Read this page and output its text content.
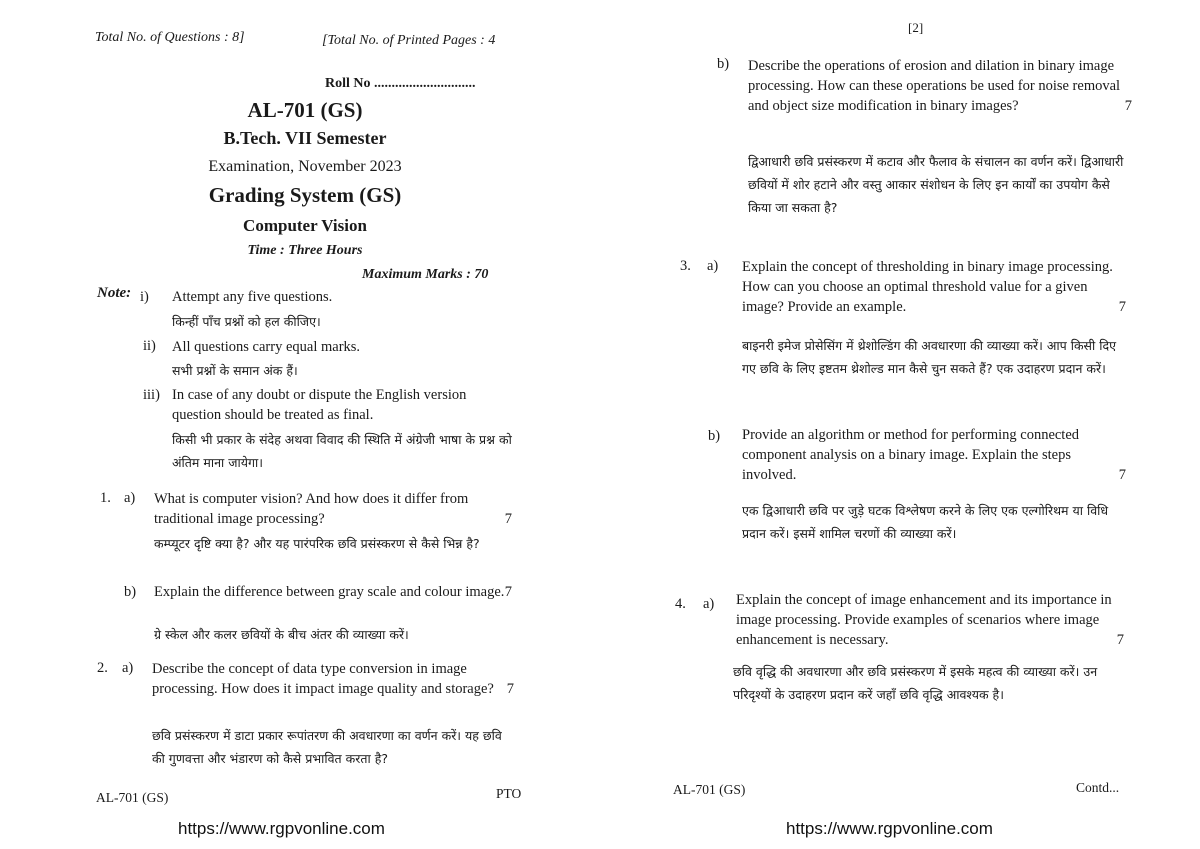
Total No. of Questions : 8]	[Total No. of Printed Pages : 4
Roll No .............................
AL-701 (GS)
B.Tech. VII Semester
Examination, November 2023
Grading System (GS)
Computer Vision
Time : Three Hours
Maximum Marks : 70
Note: i)	Attempt any five questions.
किन्हीं पाँच प्रश्नों को हल कीजिए।
ii)	All questions carry equal marks.
सभी प्रश्नों के समान अंक हैं।
iii) In case of any doubt or dispute the English version question should be treated as final.
किसी भी प्रकार के संदेह अथवा विवाद की स्थिति में अंग्रेजी भाषा के प्रश्न को अंतिम माना जायेगा।
1. a) What is computer vision? And how does it differ from traditional image processing?	7
कम्प्यूटर दृष्टि क्या है? और यह पारंपरिक छवि प्रसंस्करण से कैसे भिन्न है?
b) Explain the difference between gray scale and colour image. 7
ग्रे स्केल और कलर छवियों के बीच अंतर की व्याख्या करें।
2. a) Describe the concept of data type conversion in image processing. How does it impact image quality and storage? 7
छवि प्रसंस्करण में डाटा प्रकार रूपांतरण की अवधारणा का वर्णन करें। यह छवि की गुणवत्ता और भंडारण को कैसे प्रभावित करता है?
AL-701 (GS)	PTO
https://www.rgpvonline.com
[2]
b) Describe the operations of erosion and dilation in binary image processing. How can these operations be used for noise removal and object size modification in binary images?	7
द्विआधारी छवि प्रसंस्करण में कटाव और फैलाव के संचालन का वर्णन करें। द्विआधारी छवियों में शोर हटाने और वस्तु आकार संशोधन के लिए इन कार्यों का उपयोग कैसे किया जा सकता है?
3. a) Explain the concept of thresholding in binary image processing. How can you choose an optimal threshold value for a given image? Provide an example.	7
बाइनरी इमेज प्रोसेसिंग में थ्रेशोल्डिंग की अवधारणा की व्याख्या करें। आप किसी दिए गए छवि के लिए इष्टतम थ्रेशोल्ड मान कैसे चुन सकते हैं? एक उदाहरण प्रदान करें।
b) Provide an algorithm or method for performing connected component analysis on a binary image. Explain the steps involved.	7
एक द्विआधारी छवि पर जुड़े घटक विश्लेषण करने के लिए एक एल्गोरिथम या विधि प्रदान करें। इसमें शामिल चरणों की व्याख्या करें।
4. a) Explain the concept of image enhancement and its importance in image processing. Provide examples of scenarios where image enhancement is necessary.	7
छवि वृद्धि की अवधारणा और छवि प्रसंस्करण में इसके महत्व की व्याख्या करें। उन परिदृश्यों के उदाहरण प्रदान करें जहाँ छवि वृद्धि आवश्यक है।
AL-701 (GS)	Contd...
https://www.rgpvonline.com
